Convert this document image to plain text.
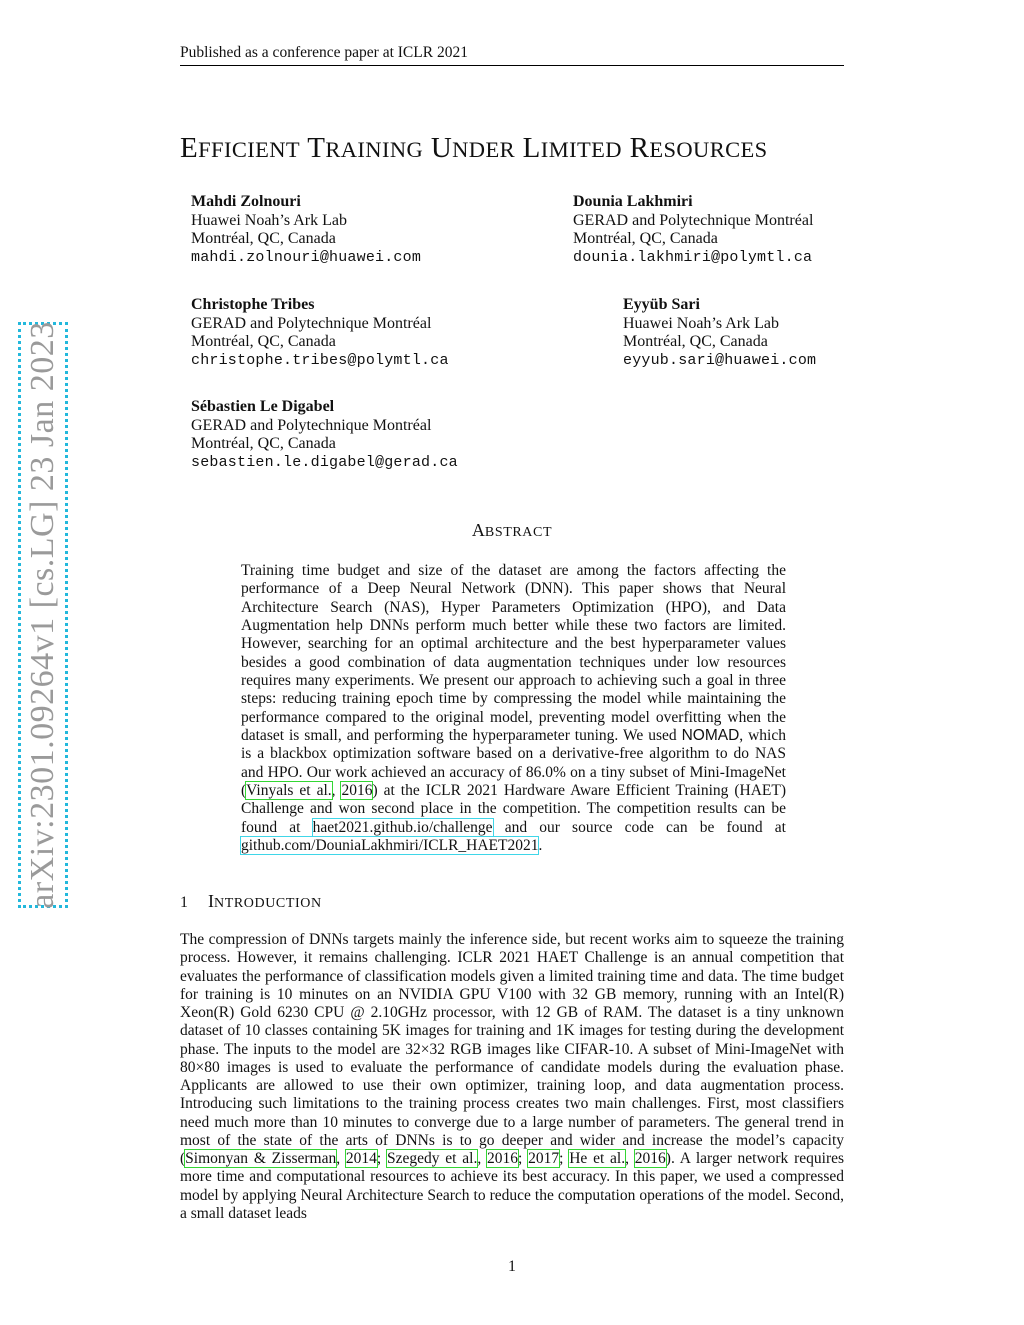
Published as a conference paper at ICLR 2021
arXiv:2301.09264v1 [cs.LG] 23 Jan 2023
EFFICIENT TRAINING UNDER LIMITED RESOURCES
Mahdi Zolnouri
Huawei Noah’s Ark Lab
Montréal, QC, Canada
mahdi.zolnouri@huawei.com
Dounia Lakhmiri
GERAD and Polytechnique Montréal
Montréal, QC, Canada
dounia.lakhmiri@polymtl.ca
Christophe Tribes
GERAD and Polytechnique Montréal
Montréal, QC, Canada
christophe.tribes@polymtl.ca
Eyyüb Sari
Huawei Noah’s Ark Lab
Montréal, QC, Canada
eyyub.sari@huawei.com
Sébastien Le Digabel
GERAD and Polytechnique Montréal
Montréal, QC, Canada
sebastien.le.digabel@gerad.ca
ABSTRACT
Training time budget and size of the dataset are among the factors affecting the performance of a Deep Neural Network (DNN). This paper shows that Neural Architecture Search (NAS), Hyper Parameters Optimization (HPO), and Data Augmentation help DNNs perform much better while these two factors are limited. However, searching for an optimal architecture and the best hyperparameter values besides a good combination of data augmentation techniques under low resources requires many experiments. We present our approach to achieving such a goal in three steps: reducing training epoch time by compressing the model while maintaining the performance compared to the original model, preventing model overfitting when the dataset is small, and performing the hyperparameter tuning. We used NOMAD, which is a blackbox optimization software based on a derivative-free algorithm to do NAS and HPO. Our work achieved an accuracy of 86.0% on a tiny subset of Mini-ImageNet (Vinyals et al., 2016) at the ICLR 2021 Hardware Aware Efficient Training (HAET) Challenge and won second place in the competition. The competition results can be found at haet2021.github.io/challenge and our source code can be found at github.com/DouniaLakhmiri/ICLR_HAET2021.
1 INTRODUCTION
The compression of DNNs targets mainly the inference side, but recent works aim to squeeze the training process. However, it remains challenging. ICLR 2021 HAET Challenge is an annual competition that evaluates the performance of classification models given a limited training time and data. The time budget for training is 10 minutes on an NVIDIA GPU V100 with 32 GB memory, running with an Intel(R) Xeon(R) Gold 6230 CPU @ 2.10GHz processor, with 12 GB of RAM. The dataset is a tiny unknown dataset of 10 classes containing 5K images for training and 1K images for testing during the development phase. The inputs to the model are 32×32 RGB images like CIFAR-10. A subset of Mini-ImageNet with 80×80 images is used to evaluate the performance of candidate models during the evaluation phase. Applicants are allowed to use their own optimizer, training loop, and data augmentation process. Introducing such limitations to the training process creates two main challenges. First, most classifiers need much more than 10 minutes to converge due to a large number of parameters. The general trend in most of the state of the arts of DNNs is to go deeper and wider and increase the model’s capacity (Simonyan & Zisserman, 2014; Szegedy et al., 2016; 2017; He et al., 2016). A larger network requires more time and computational resources to achieve its best accuracy. In this paper, we used a compressed model by applying Neural Architecture Search to reduce the computation operations of the model. Second, a small dataset leads
1
